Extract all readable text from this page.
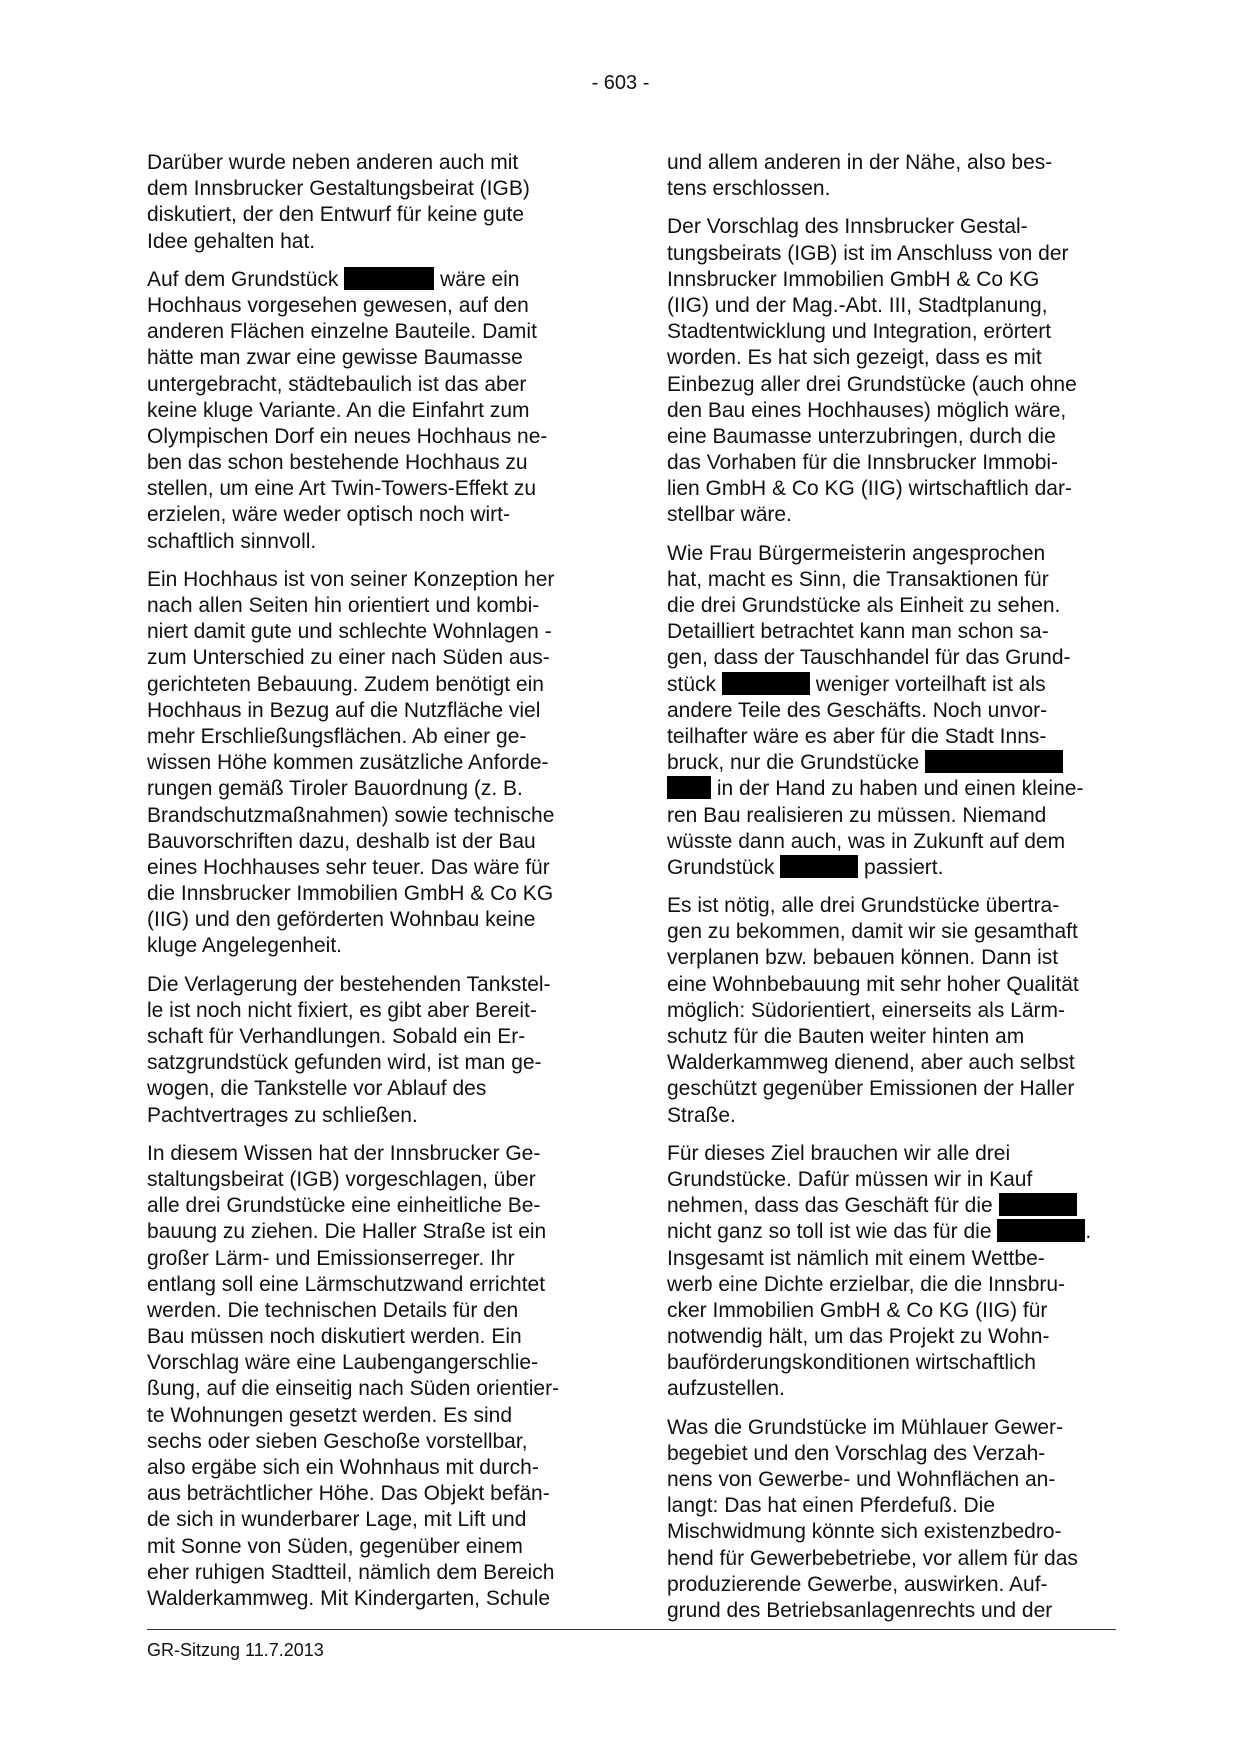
- 603 -
Darüber wurde neben anderen auch mit
dem Innsbrucker Gestaltungsbeirat (IGB)
diskutiert, der den Entwurf für keine gute
Idee gehalten hat.
Auf dem Grundstück	wäre ein
Hochhaus vorgesehen gewesen, auf den
anderen Flächen einzelne Bauteile. Damit
hätte man zwar eine gewisse Baumasse
untergebracht, städtebaulich ist das aber
keine kluge Variante. An die Einfahrt zum
Olympischen Dorf ein neues Hochhaus ne-
ben das schon bestehende Hochhaus zu
stellen, um eine Art Twin-Towers-Effekt zu
erzielen, wäre weder optisch noch wirt-
schaftlich sinnvoll.
Ein Hochhaus ist von seiner Konzeption her
nach allen Seiten hin orientiert und kombi-
niert damit gute und schlechte Wohnlagen -
zum Unterschied zu einer nach Süden aus-
gerichteten Bebauung. Zudem benötigt ein
Hochhaus in Bezug auf die Nutzfläche viel
mehr Erschließungsflächen. Ab einer ge-
wissen Höhe kommen zusätzliche Anforde-
rungen gemäß Tiroler Bauordnung (z. B.
Brandschutzmaßnahmen) sowie technische
Bauvorschriften dazu, deshalb ist der Bau
eines Hochhauses sehr teuer. Das wäre für
die Innsbrucker Immobilien GmbH & Co KG
(IIG) und den geförderten Wohnbau keine
kluge Angelegenheit.
Die Verlagerung der bestehenden Tankstel-
le ist noch nicht fixiert, es gibt aber Bereit-
schaft für Verhandlungen. Sobald ein Er-
satzgrundstück gefunden wird, ist man ge-
wogen, die Tankstelle vor Ablauf des
Pachtvertrages zu schließen.
In diesem Wissen hat der Innsbrucker Ge-
staltungsbeirat (IGB) vorgeschlagen, über
alle drei Grundstücke eine einheitliche Be-
bauung zu ziehen. Die Haller Straße ist ein
großer Lärm- und Emissionserreger. Ihr
entlang soll eine Lärmschutzwand errichtet
werden. Die technischen Details für den
Bau müssen noch diskutiert werden. Ein
Vorschlag wäre eine Laubengangerschlie-
ßung, auf die einseitig nach Süden orientier-
te Wohnungen gesetzt werden. Es sind
sechs oder sieben Geschoße vorstellbar,
also ergäbe sich ein Wohnhaus mit durch-
aus beträchtlicher Höhe. Das Objekt befän-
de sich in wunderbarer Lage, mit Lift und
mit Sonne von Süden, gegenüber einem
eher ruhigen Stadtteil, nämlich dem Bereich
Walderkammweg. Mit Kindergarten, Schule
und allem anderen in der Nähe, also bes-
tens erschlossen.
Der Vorschlag des Innsbrucker Gestal-
tungsbeirats (IGB) ist im Anschluss von der
Innsbrucker Immobilien GmbH & Co KG
(IIG) und der Mag.-Abt. III, Stadtplanung,
Stadtentwicklung und Integration, erörtert
worden. Es hat sich gezeigt, dass es mit
Einbezug aller drei Grundstücke (auch ohne
den Bau eines Hochhauses) möglich wäre,
eine Baumasse unterzubringen, durch die
das Vorhaben für die Innsbrucker Immobi-
lien GmbH & Co KG (IIG) wirtschaftlich dar-
stellbar wäre.
Wie Frau Bürgermeisterin angesprochen
hat, macht es Sinn, die Transaktionen für
die drei Grundstücke als Einheit zu sehen.
Detailliert betrachtet kann man schon sa-
gen, dass der Tauschhandel für das Grund-
stück	weniger vorteilhaft ist als
andere Teile des Geschäfts. Noch unvor-
teilhafter wäre es aber für die Stadt Inns-
bruck, nur die Grundstücke
in der Hand zu haben und einen kleine-
ren Bau realisieren zu müssen. Niemand
wüsste dann auch, was in Zukunft auf dem
Grundstück	passiert.
Es ist nötig, alle drei Grundstücke übertra-
gen zu bekommen, damit wir sie gesamthaft
verplanen bzw. bebauen können. Dann ist
eine Wohnbebauung mit sehr hoher Qualität
möglich: Südorientiert, einerseits als Lärm-
schutz für die Bauten weiter hinten am
Walderkammweg dienend, aber auch selbst
geschützt gegenüber Emissionen der Haller
Straße.
Für dieses Ziel brauchen wir alle drei
Grundstücke. Dafür müssen wir in Kauf
nehmen, dass das Geschäft für die
nicht ganz so toll ist wie das für die	.
Insgesamt ist nämlich mit einem Wettbe-
werb eine Dichte erzielbar, die die Innsbru-
cker Immobilien GmbH & Co KG (IIG) für
notwendig hält, um das Projekt zu Wohn-
bauförderungskonditionen wirtschaftlich
aufzustellen.
Was die Grundstücke im Mühlauer Gewer-
begebiet und den Vorschlag des Verzah-
nens von Gewerbe- und Wohnflächen an-
langt: Das hat einen Pferdefuß. Die
Mischwidmung könnte sich existenzbedro-
hend für Gewerbebetriebe, vor allem für das
produzierende Gewerbe, auswirken. Auf-
grund des Betriebsanlagenrechts und der
GR-Sitzung 11.7.2013
